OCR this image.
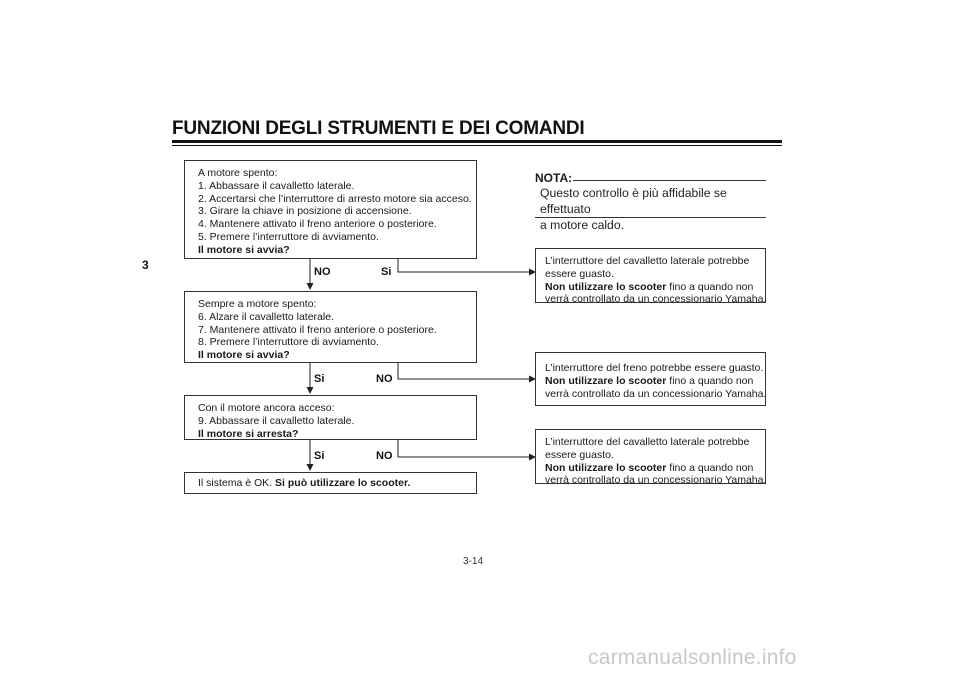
FUNZIONI DEGLI STRUMENTI E DEI COMANDI
3
A motore spento:
1. Abbassare il cavalletto laterale.
2. Accertarsi che l’interruttore di arresto motore sia acceso.
3. Girare la chiave in posizione di accensione.
4. Mantenere attivato il freno anteriore o posteriore.
5. Premere l’interruttore di avviamento.
Il motore si avvia?
NO	Si
Sempre a motore spento:
6. Alzare il cavalletto laterale.
7. Mantenere attivato il freno anteriore o posteriore.
8. Premere l’interruttore di avviamento.
Il motore si avvia?
Si	NO
Con il motore ancora acceso:
9. Abbassare il cavalletto laterale.
Il motore si arresta?
Si	NO
Il sistema è OK. Si può utilizzare lo scooter.
NOTA:
Questo controllo è più affidabile se effettuato
a motore caldo.
L’interruttore del cavalletto laterale potrebbe
essere guasto.
Non utilizzare lo scooter fino a quando non
verrà controllato da un concessionario Yamaha.
L’interruttore del freno potrebbe essere guasto.
Non utilizzare lo scooter fino a quando non
verrà controllato da un concessionario Yamaha.
L’interruttore del cavalletto laterale potrebbe
essere guasto.
Non utilizzare lo scooter fino a quando non
verrà controllato da un concessionario Yamaha.
3-14
carmanualsonline.info
